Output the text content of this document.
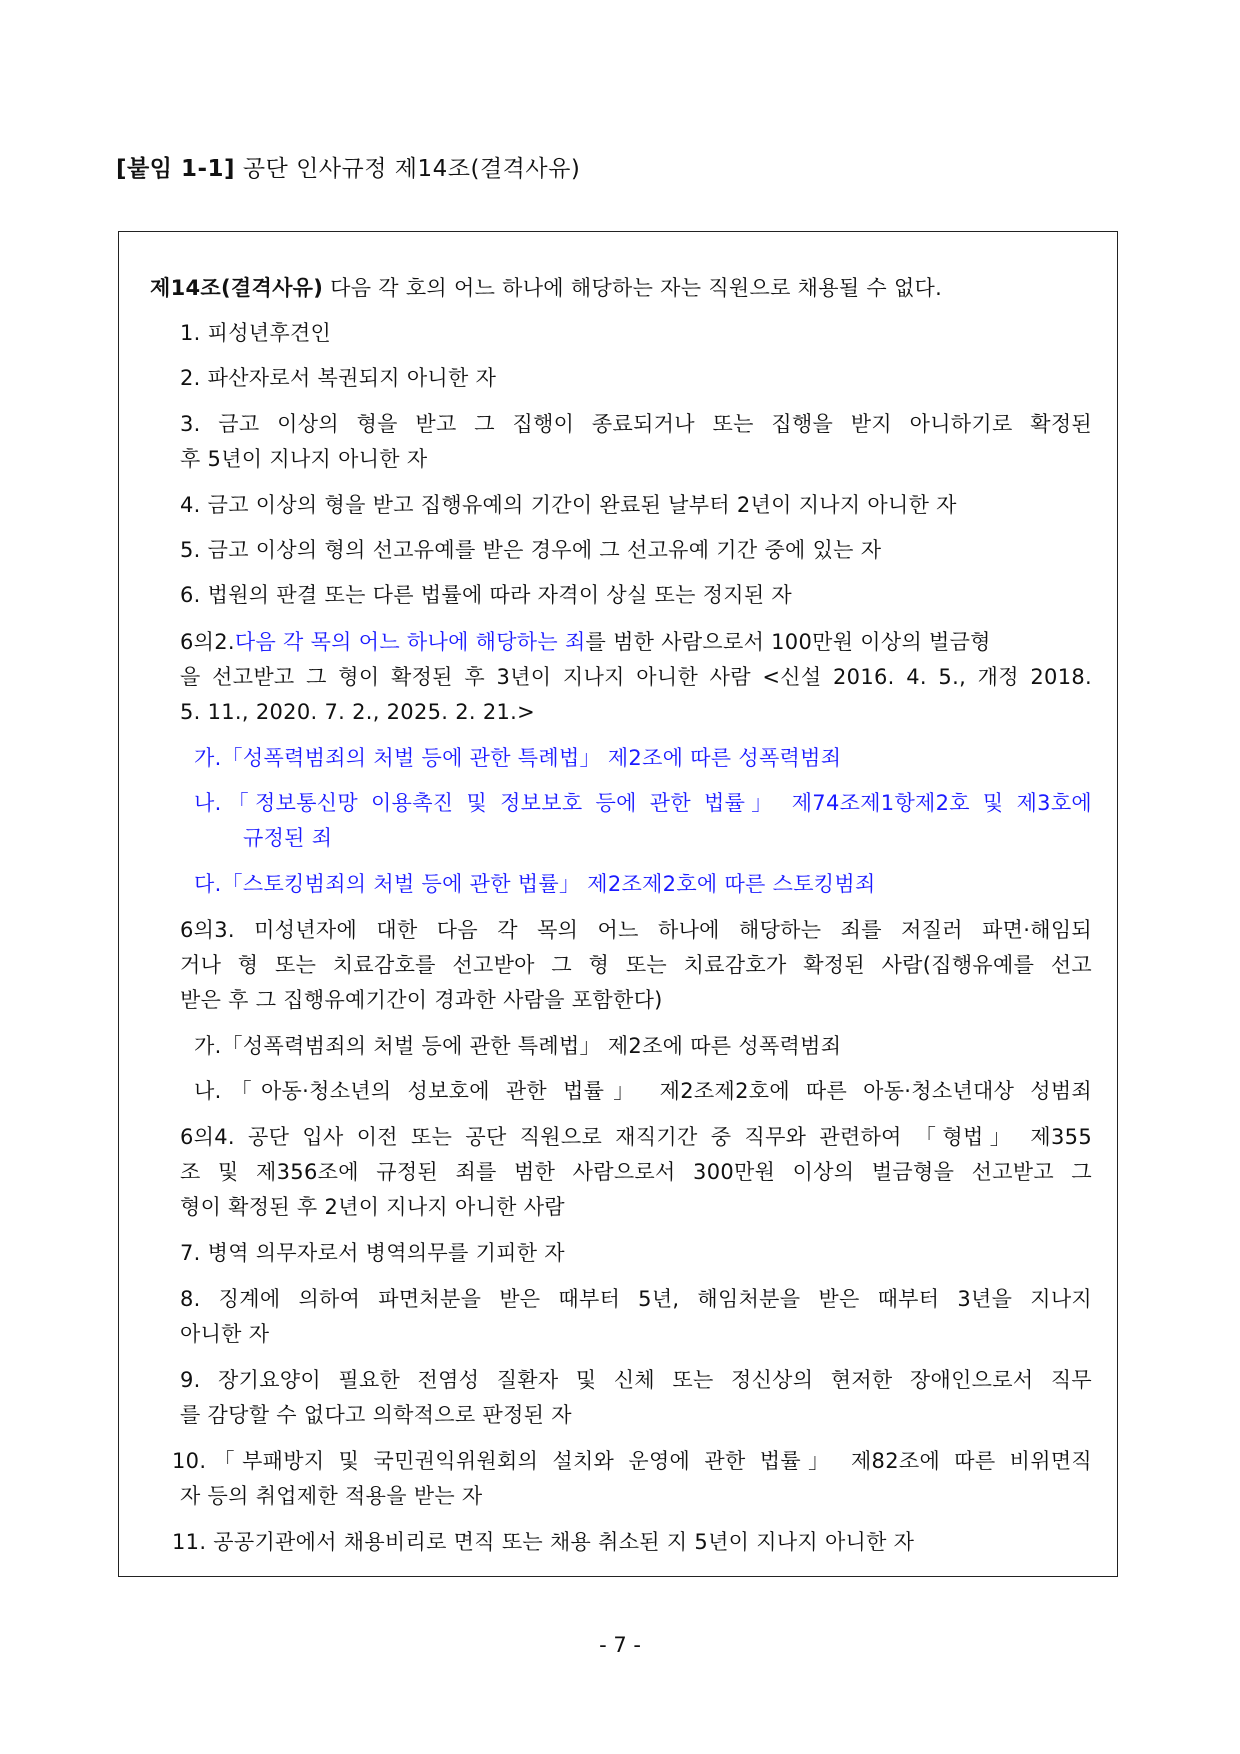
[붙임 1-1] 공단 인사규정 제14조(결격사유)
제14조(결격사유) 다음 각 호의 어느 하나에 해당하는 자는 직원으로 채용될 수 없다.
1. 피성년후견인
2. 파산자로서 복권되지 아니한 자
3. 금고 이상의 형을 받고 그 집행이 종료되거나 또는 집행을 받지 아니하기로 확정된
후 5년이 지나지 아니한 자
4. 금고 이상의 형을 받고 집행유예의 기간이 완료된 날부터 2년이 지나지 아니한 자
5. 금고 이상의 형의 선고유예를 받은 경우에 그 선고유예 기간 중에 있는 자
6. 법원의 판결 또는 다른 법률에 따라 자격이 상실 또는 정지된 자
6의2.다음 각 목의 어느 하나에 해당하는 죄를 범한 사람으로서 100만원 이상의 벌금형
을 선고받고 그 형이 확정된 후 3년이 지나지 아니한 사람 <신설 2016. 4. 5., 개정 2018.
5. 11., 2020. 7. 2., 2025. 2. 21.>
가.「성폭력범죄의 처벌 등에 관한 특례법」 제2조에 따른 성폭력범죄
나.「정보통신망 이용촉진 및 정보보호 등에 관한 법률」 제74조제1항제2호 및 제3호에
규정된 죄
다.「스토킹범죄의 처벌 등에 관한 법률」 제2조제2호에 따른 스토킹범죄
6의3. 미성년자에 대한 다음 각 목의 어느 하나에 해당하는 죄를 저질러 파면·해임되
거나 형 또는 치료감호를 선고받아 그 형 또는 치료감호가 확정된 사람(집행유예를 선고
받은 후 그 집행유예기간이 경과한 사람을 포함한다)
가.「성폭력범죄의 처벌 등에 관한 특례법」 제2조에 따른 성폭력범죄
나.「아동·청소년의 성보호에 관한 법률」 제2조제2호에 따른 아동·청소년대상 성범죄
6의4. 공단 입사 이전 또는 공단 직원으로 재직기간 중 직무와 관련하여 「형법」 제355
조 및 제356조에 규정된 죄를 범한 사람으로서 300만원 이상의 벌금형을 선고받고 그
형이 확정된 후 2년이 지나지 아니한 사람
7. 병역 의무자로서 병역의무를 기피한 자
8. 징계에 의하여 파면처분을 받은 때부터 5년, 해임처분을 받은 때부터 3년을 지나지
아니한 자
9. 장기요양이 필요한 전염성 질환자 및 신체 또는 정신상의 현저한 장애인으로서 직무
를 감당할 수 없다고 의학적으로 판정된 자
10.「부패방지 및 국민권익위원회의 설치와 운영에 관한 법률」 제82조에 따른 비위면직
자 등의 취업제한 적용을 받는 자
11. 공공기관에서 채용비리로 면직 또는 채용 취소된 지 5년이 지나지 아니한 자
- 7 -
